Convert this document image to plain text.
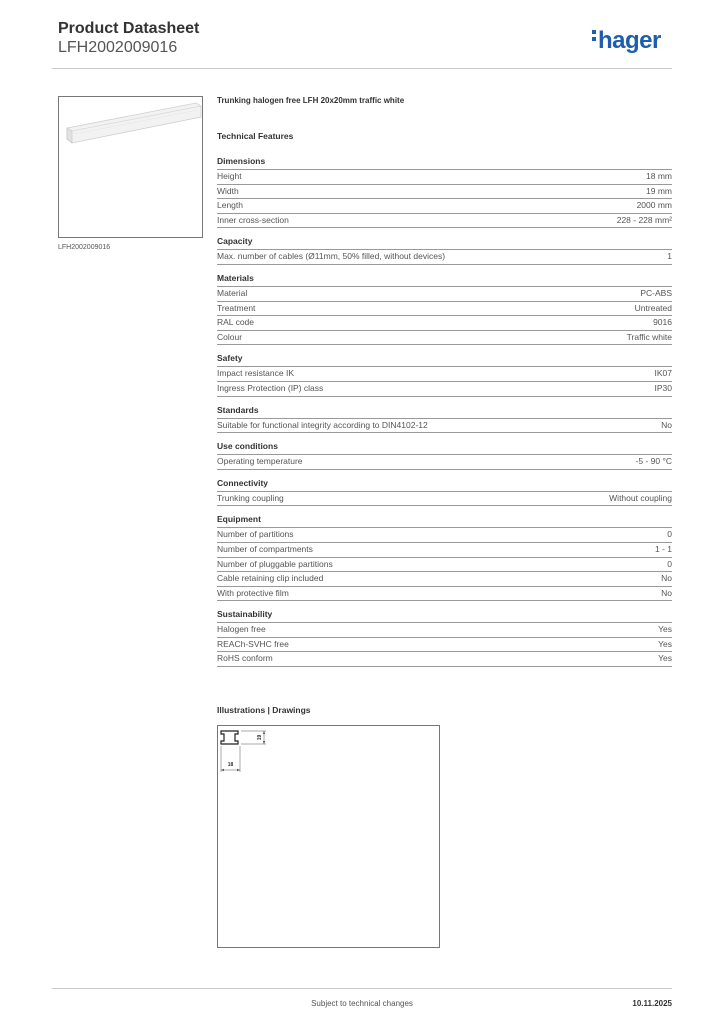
Product Datasheet
LFH2002009016	hager
LFH2002009016
Trunking halogen free LFH 20x20mm traffic white
Technical Features
Dimensions
Height	18 mm
Width	19 mm
Length	2000 mm
Inner cross-section	228 - 228 mm²
Capacity
Max. number of cables (Ø11mm, 50% filled, without devices)	1
Materials
Material	PC-ABS
Treatment	Untreated
RAL code	9016
Colour	Traffic white
Safety
Impact resistance IK	IK07
Ingress Protection (IP) class	IP30
Standards
Suitable for functional integrity according to DIN4102-12	No
Use conditions
Operating temperature	-5 - 90 °C
Connectivity
Trunking coupling	Without coupling
Equipment
Number of partitions	0
Number of compartments	1 - 1
Number of pluggable partitions	0
Cable retaining clip included	No
With protective film	No
Sustainability
Halogen free	Yes
REACh-SVHC free	Yes
RoHS conform	Yes
Illustrations | Drawings
18
19
Subject to technical changes	10.11.2025
